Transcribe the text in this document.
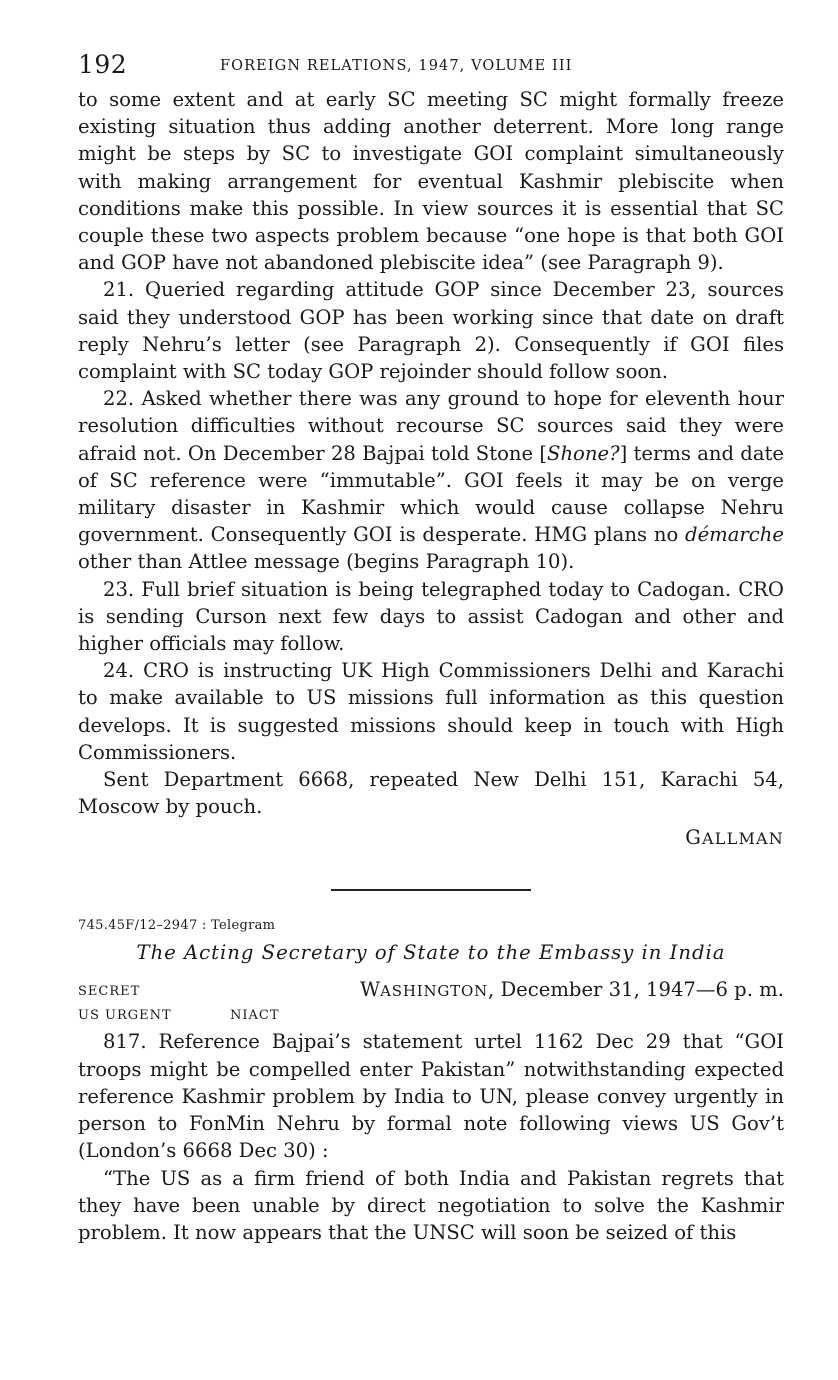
192	FOREIGN RELATIONS, 1947, VOLUME III

to some extent and at early SC meeting SC might formally freeze existing situation thus adding another deterrent. More long range might be steps by SC to investigate GOI complaint simultaneously with making arrangement for eventual Kashmir plebiscite when conditions make this possible. In view sources it is essential that SC couple these two aspects problem because “one hope is that both GOI and GOP have not abandoned plebiscite idea” (see Paragraph 9).

21. Queried regarding attitude GOP since December 23, sources said they understood GOP has been working since that date on draft reply Nehru’s letter (see Paragraph 2). Consequently if GOI files complaint with SC today GOP rejoinder should follow soon.

22. Asked whether there was any ground to hope for eleventh hour resolution difficulties without recourse SC sources said they were afraid not. On December 28 Bajpai told Stone [Shone?] terms and date of SC reference were “immutable”. GOI feels it may be on verge military disaster in Kashmir which would cause collapse Nehru government. Consequently GOI is desperate. HMG plans no démarche other than Attlee message (begins Paragraph 10).

23. Full brief situation is being telegraphed today to Cadogan. CRO is sending Curson next few days to assist Cadogan and other and higher officials may follow.

24. CRO is instructing UK High Commissioners Delhi and Karachi to make available to US missions full information as this question develops. It is suggested missions should keep in touch with High Commissioners.

Sent Department 6668, repeated New Delhi 151, Karachi 54, Moscow by pouch.

GALLMAN
745.45F/12–2947 : Telegram
The Acting Secretary of State to the Embassy in India
SECRET	WASHINGTON, December 31, 1947—6 p. m.
US URGENT	NIACT

817. Reference Bajpai’s statement urtel 1162 Dec 29 that “GOI troops might be compelled enter Pakistan” notwithstanding expected reference Kashmir problem by India to UN, please convey urgently in person to FonMin Nehru by formal note following views US Gov’t (London’s 6668 Dec 30) :

“The US as a firm friend of both India and Pakistan regrets that they have been unable by direct negotiation to solve the Kashmir problem. It now appears that the UNSC will soon be seized of this
